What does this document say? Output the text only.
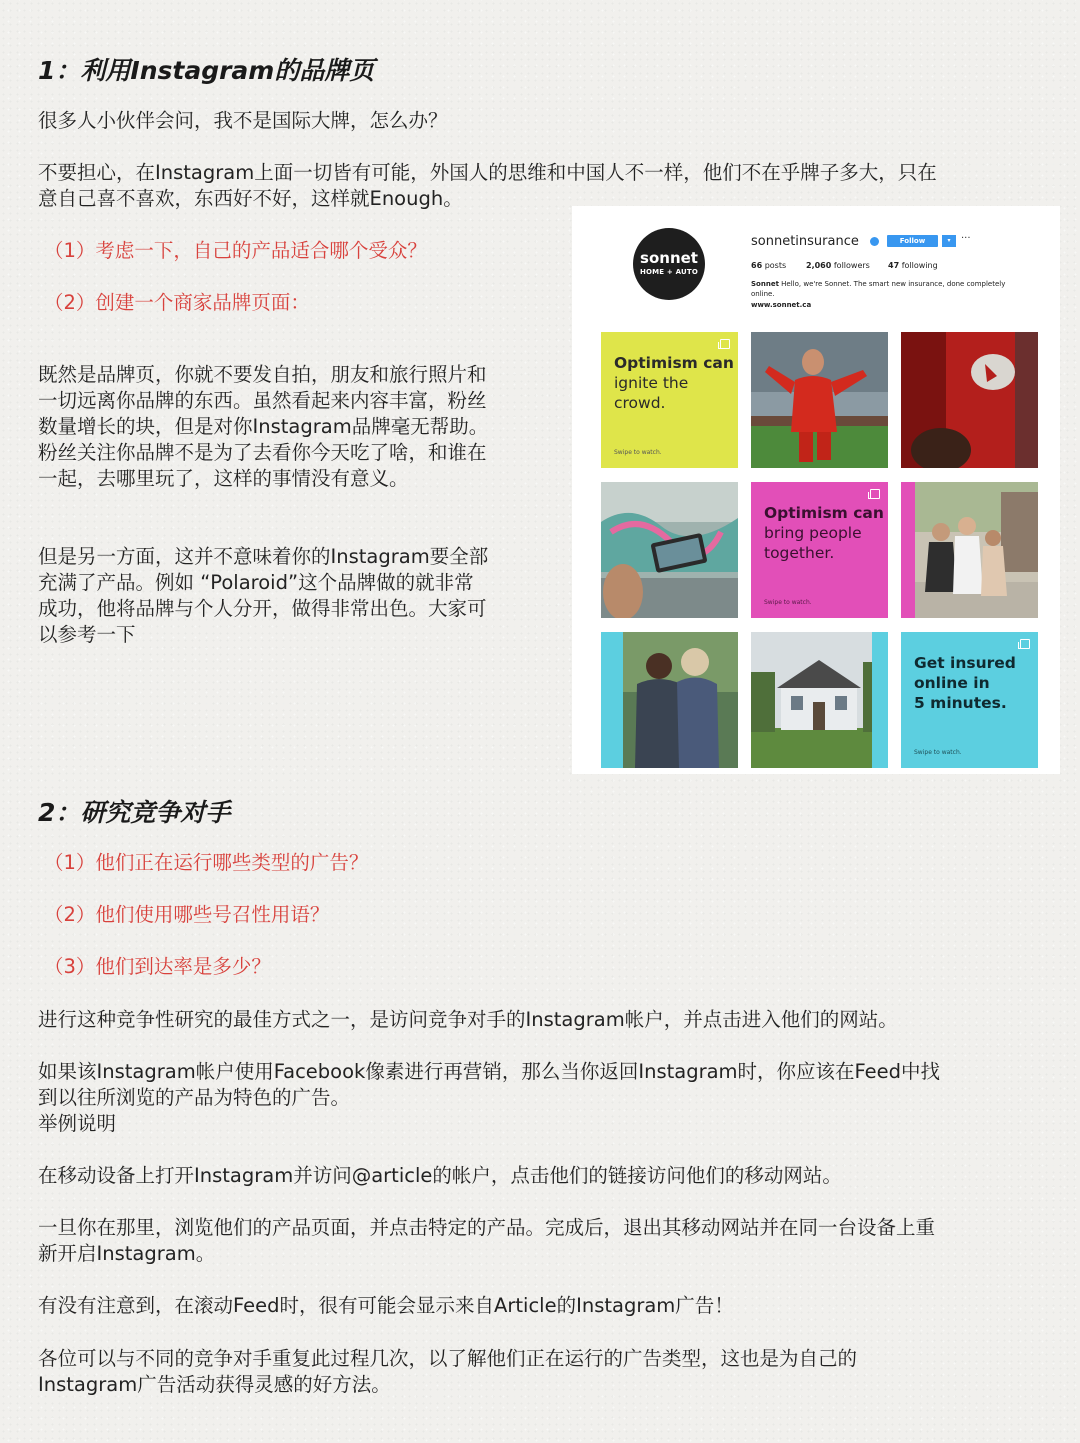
1：利用Instagram的品牌页
很多人小伙伴会问，我不是国际大牌，怎么办？
不要担心，在Instagram上面一切皆有可能，外国人的思维和中国人不一样，他们不在乎牌子多大，只在
意自己喜不喜欢，东西好不好，这样就Enough。
（1）考虑一下，自己的产品适合哪个受众？
（2）创建一个商家品牌页面：
既然是品牌页，你就不要发自拍，朋友和旅行照片和
一切远离你品牌的东西。虽然看起来内容丰富，粉丝
数量增长的块，但是对你Instagram品牌毫无帮助。
粉丝关注你品牌不是为了去看你今天吃了啥，和谁在
一起，去哪里玩了，这样的事情没有意义。
但是另一方面，这并不意味着你的Instagram要全部
充满了产品。例如 “Polaroid”这个品牌做的就非常
成功，他将品牌与个人分开，做得非常出色。大家可
以参考一下
sonnet
HOME + AUTO
sonnetinsurance	Follow	▾	···
66 posts 2,060 followers 47 following
Sonnet Hello, we're Sonnet. The smart new insurance, done completely online.
www.sonnet.ca
Optimism can
ignite the
crowd.
Swipe to watch.
Optimism can
bring people
together.
Swipe to watch.
Get insured
online in
5 minutes.
Swipe to watch.
2：研究竞争对手
（1）他们正在运行哪些类型的广告？
（2）他们使用哪些号召性用语？
（3）他们到达率是多少？
进行这种竞争性研究的最佳方式之一，是访问竞争对手的Instagram帐户，并点击进入他们的网站。
如果该Instagram帐户使用Facebook像素进行再营销，那么当你返回Instagram时，你应该在Feed中找
到以往所浏览的产品为特色的广告。
举例说明
在移动设备上打开Instagram并访问@article的帐户，点击他们的链接访问他们的移动网站。
一旦你在那里，浏览他们的产品页面，并点击特定的产品。完成后，退出其移动网站并在同一台设备上重
新开启Instagram。
有没有注意到，在滚动Feed时，很有可能会显示来自Article的Instagram广告！
各位可以与不同的竞争对手重复此过程几次，以了解他们正在运行的广告类型，这也是为自己的
Instagram广告活动获得灵感的好方法。
